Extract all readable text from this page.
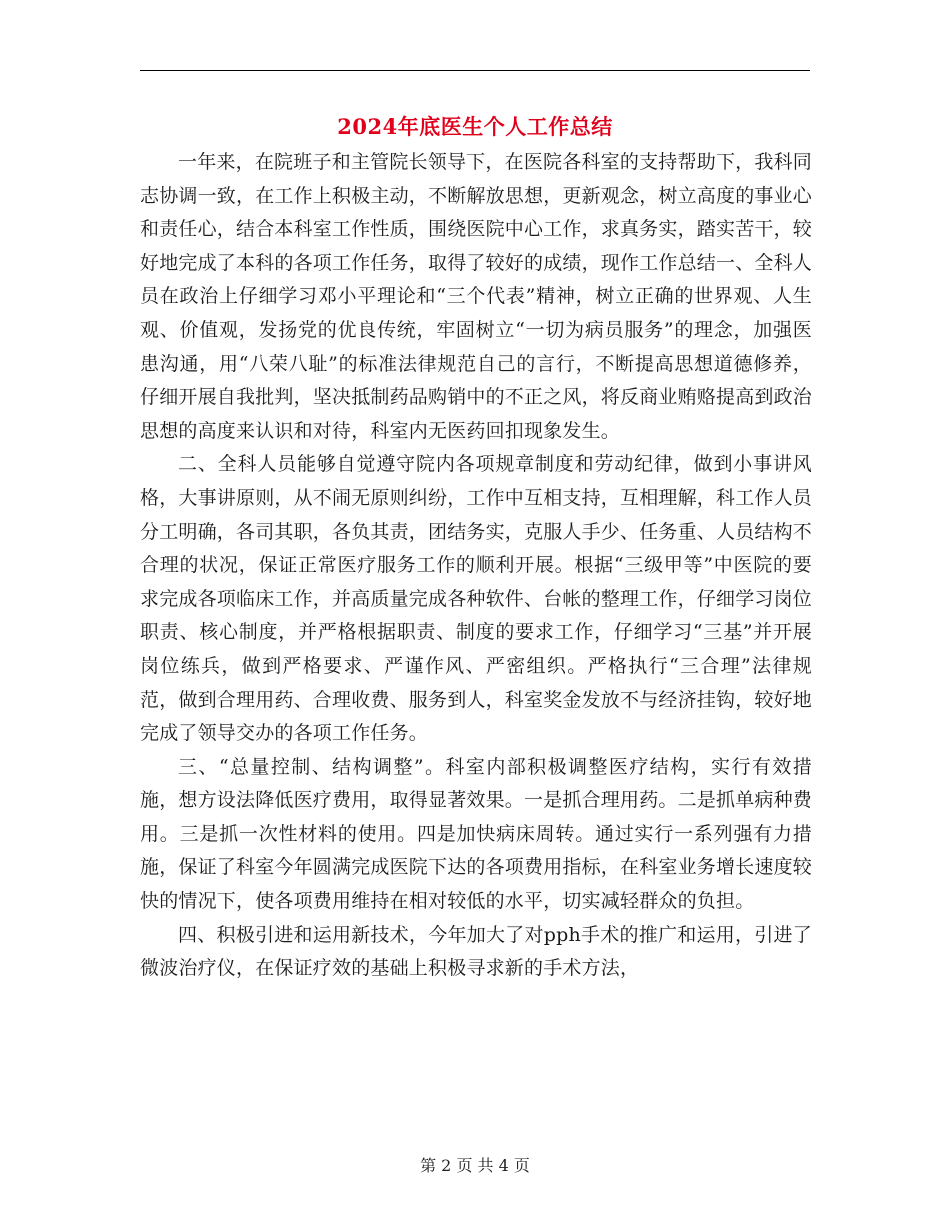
2024年底医生个人工作总结

一年来，在院班子和主管院长领导下，在医院各科室的支持帮助下，我科同志协调一致，在工作上积极主动，不断解放思想，更新观念，树立高度的事业心和责任心，结合本科室工作性质，围绕医院中心工作，求真务实，踏实苦干，较好地完成了本科的各项工作任务，取得了较好的成绩，现作工作总结一、全科人员在政治上仔细学习邓小平理论和“三个代表”精神，树立正确的世界观、人生观、价值观，发扬党的优良传统，牢固树立“一切为病员服务”的理念，加强医患沟通，用“八荣八耻”的标准法律规范自己的言行，不断提高思想道德修养，仔细开展自我批判，坚决抵制药品购销中的不正之风，将反商业贿赂提高到政治思想的高度来认识和对待，科室内无医药回扣现象发生。

二、全科人员能够自觉遵守院内各项规章制度和劳动纪律，做到小事讲风格，大事讲原则，从不闹无原则纠纷，工作中互相支持，互相理解，科工作人员分工明确，各司其职，各负其责，团结务实，克服人手少、任务重、人员结构不合理的状况，保证正常医疗服务工作的顺利开展。根据“三级甲等”中医院的要求完成各项临床工作，并高质量完成各种软件、台帐的整理工作，仔细学习岗位职责、核心制度，并严格根据职责、制度的要求工作，仔细学习“三基”并开展岗位练兵，做到严格要求、严谨作风、严密组织。严格执行“三合理”法律规范，做到合理用药、合理收费、服务到人，科室奖金发放不与经济挂钩，较好地完成了领导交办的各项工作任务。

三、“总量控制、结构调整”。科室内部积极调整医疗结构，实行有效措施，想方设法降低医疗费用，取得显著效果。一是抓合理用药。二是抓单病种费用。三是抓一次性材料的使用。四是加快病床周转。通过实行一系列强有力措施，保证了科室今年圆满完成医院下达的各项费用指标，在科室业务增长速度较快的情况下，使各项费用维持在相对较低的水平，切实减轻群众的负担。

四、积极引进和运用新技术，今年加大了对pph手术的推广和运用，引进了微波治疗仪，在保证疗效的基础上积极寻求新的手术方法，

第 2 页 共 4 页
